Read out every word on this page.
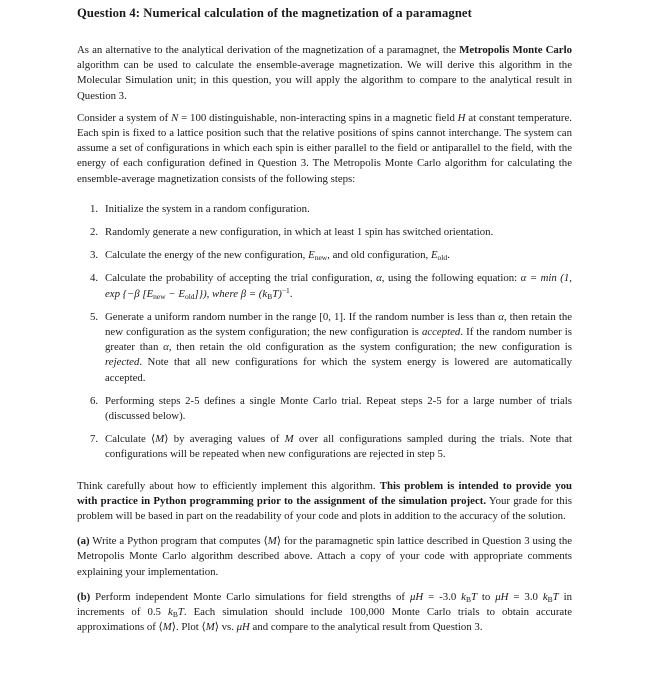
Question 4: Numerical calculation of the magnetization of a paramagnet

As an alternative to the analytical derivation of the magnetization of a paramagnet, the Metropolis Monte Carlo algorithm can be used to calculate the ensemble-average magnetization. We will derive this algorithm in the Molecular Simulation unit; in this question, you will apply the algorithm to compare to the analytical result in Question 3.

Consider a system of N = 100 distinguishable, non-interacting spins in a magnetic field H at constant temperature. Each spin is fixed to a lattice position such that the relative positions of spins cannot interchange. The system can assume a set of configurations in which each spin is either parallel to the field or antiparallel to the field, with the energy of each configuration defined in Question 3. The Metropolis Monte Carlo algorithm for calculating the ensemble-average magnetization consists of the following steps:

1. Initialize the system in a random configuration.
2. Randomly generate a new configuration, in which at least 1 spin has switched orientation.
3. Calculate the energy of the new configuration, $E_{new}$, and old configuration, $E_{old}$.
4. Calculate the probability of accepting the trial configuration, α, using the following equation: α = min (1, exp {−β $[E_{new} - E_{old}]$}), where $\beta = (k_BT)^{-1}$.
5. Generate a uniform random number in the range [0, 1]. If the random number is less than α, then retain the new configuration as the system configuration; the new configuration is accepted. If the random number is greater than α, then retain the old configuration as the system configuration; the new configuration is rejected. Note that all new configurations for which the system energy is lowered are automatically accepted.
6. Performing steps 2-5 defines a single Monte Carlo trial. Repeat steps 2-5 for a large number of trials (discussed below).
7. Calculate ⟨M⟩ by averaging values of M over all configurations sampled during the trials. Note that configurations will be repeated when new configurations are rejected in step 5.

Think carefully about how to efficiently implement this algorithm. This problem is intended to provide you with practice in Python programming prior to the assignment of the simulation project. Your grade for this problem will be based in part on the readability of your code and plots in addition to the accuracy of the solution.

(a) Write a Python program that computes ⟨M⟩ for the paramagnetic spin lattice described in Question 3 using the Metropolis Monte Carlo algorithm described above. Attach a copy of your code with appropriate comments explaining your implementation.

(b) Perform independent Monte Carlo simulations for field strengths of μH = -3.0 $k_BT$ to μH = 3.0 $k_BT$ in increments of 0.5 $k_BT$. Each simulation should include 100,000 Monte Carlo trials to obtain accurate approximations of ⟨M⟩. Plot ⟨M⟩ vs. μH and compare to the analytical result from Question 3.
